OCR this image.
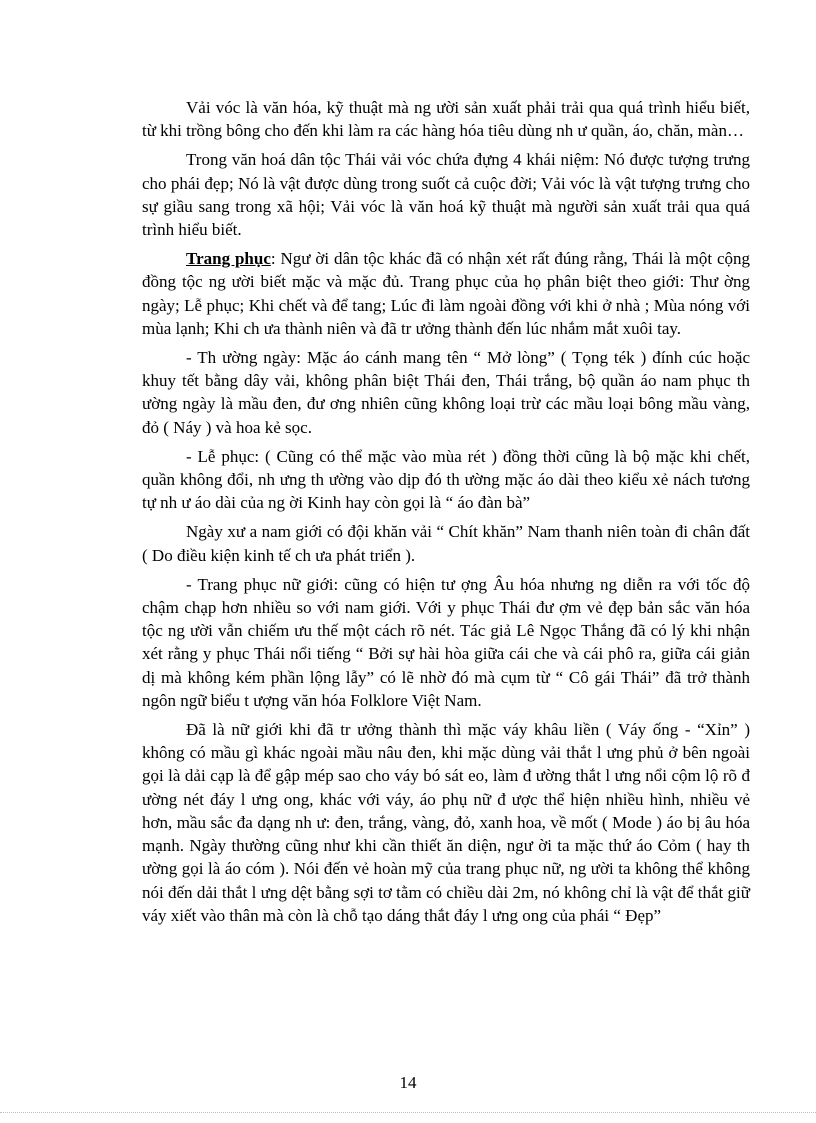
Vải vóc là văn hóa, kỹ thuật mà ng ười sản xuất phải trải qua quá trình hiểu biết, từ khi trồng bông cho đến khi làm ra các hàng hóa tiêu dùng nh ư quần, áo, chăn, màn…

Trong văn hoá dân tộc Thái vải vóc chứa đựng 4 khái niệm: Nó được tượng trưng cho phái đẹp; Nó là vật được dùng trong suốt cả cuộc đời; Vải vóc là vật tượng trưng cho sự giầu sang trong xã hội; Vải vóc là văn hoá kỹ thuật mà người sản xuất trải qua quá trình hiểu biết.

Trang phục: Ngư ời dân tộc khác đã có nhận xét rất đúng rằng, Thái là một cộng đồng tộc ng ười biết mặc và mặc đủ. Trang phục của họ phân biệt theo giới: Thư ờng ngày; Lễ phục; Khi chết và để tang; Lúc đi làm ngoài đồng với khi ở nhà ; Mùa nóng với mùa lạnh; Khi ch ưa thành niên và đã tr ưởng thành đến lúc nhắm mắt xuôi tay.

- Th ường ngày: Mặc áo cánh mang tên “ Mở lòng” ( Tọng ték ) đính cúc hoặc khuy tết bằng dây vải, không phân biệt Thái đen, Thái trắng, bộ quần áo nam phục th ường ngày là mầu đen, đư ơng nhiên cũng không loại trừ các mầu loại bông mầu vàng, đỏ ( Náy ) và hoa kẻ sọc.

- Lễ phục: ( Cũng có thể mặc vào mùa rét ) đồng thời cũng là bộ mặc khi chết, quần không đổi, nh ưng th ường vào dịp đó th ường mặc áo dài theo kiểu xẻ nách tương tự nh ư áo dài của ng ời Kinh hay còn gọi là “ áo đàn bà”

Ngày xư a nam giới có đội khăn vải “ Chít khăn” Nam thanh niên toàn đi chân đất ( Do điều kiện kinh tế ch ưa phát triển ).

- Trang phục nữ giới: cũng có hiện tư ợng Âu hóa nhưng ng diễn ra với tốc độ chậm chạp hơn nhiều so với nam giới. Với y phục Thái đư ợm vẻ đẹp bản sắc văn hóa tộc ng ười vẫn chiếm ưu thế một cách rõ nét. Tác giả Lê Ngọc Thắng đã có lý khi nhận xét rằng y phục Thái nổi tiếng “ Bởi sự hài hòa giữa cái che và cái phô ra, giữa cái giản dị mà không kém phần lộng lẫy” có lẽ nhờ đó mà cụm từ “ Cô gái Thái” đã trở thành ngôn ngữ biểu t ượng văn hóa Folklore Việt Nam.

Đã là nữ giới khi đã tr ưởng thành thì mặc váy khâu liền ( Váy ống - “Xỉn” ) không có mầu gì khác ngoài mầu nâu đen, khi mặc dùng vải thắt l ưng phủ ở bên ngoài gọi là dải cạp là để gập mép sao cho váy bó sát eo, làm đ ường thắt l ưng nổi cộm lộ rõ đ ường nét đáy l ưng ong, khác với váy, áo phụ nữ đ ược thể hiện nhiều hình, nhiều vẻ hơn, mầu sắc đa dạng nh ư: đen, trắng, vàng, đỏ, xanh hoa, về mốt ( Mode ) áo bị âu hóa mạnh. Ngày thường cũng như khi cần thiết ăn diện, ngư ời ta mặc thứ áo Cỏm ( hay th ường gọi là áo cóm ). Nói đến vẻ hoàn mỹ của trang phục nữ, ng ười ta không thể không nói đến dải thắt l ưng dệt bằng sợi tơ tằm có chiều dài 2m, nó không chỉ là vật để thắt giữ váy xiết vào thân mà còn là chỗ tạo dáng thắt đáy l ưng ong của phái “ Đẹp”

14
